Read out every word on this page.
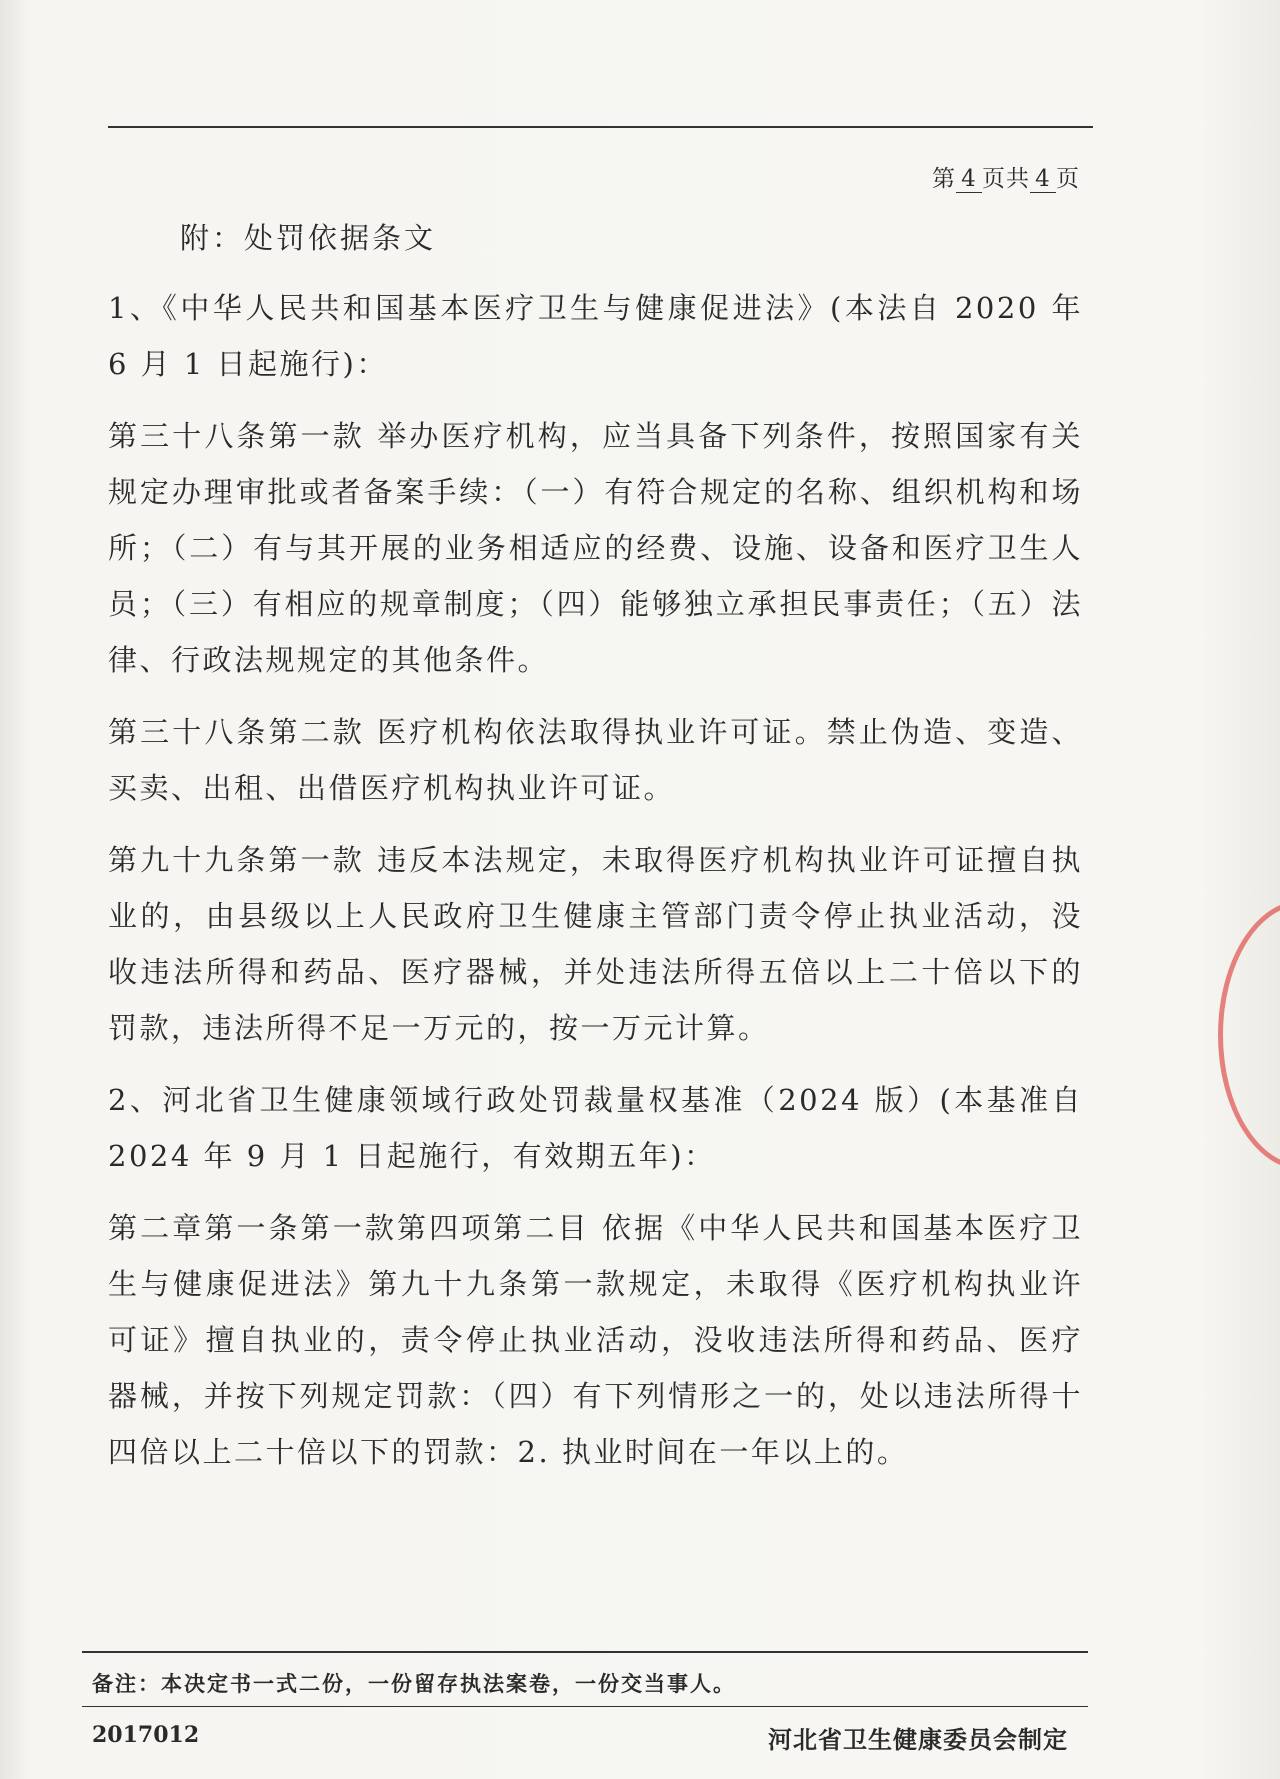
第 4 页共 4 页

附：处罚依据条文

1、《中华人民共和国基本医疗卫生与健康促进法》(本法自 2020 年 6 月 1 日起施行)：

第三十八条第一款 举办医疗机构，应当具备下列条件，按照国家有关规定办理审批或者备案手续：（一）有符合规定的名称、组织机构和场所；（二）有与其开展的业务相适应的经费、设施、设备和医疗卫生人员；（三）有相应的规章制度；（四）能够独立承担民事责任；（五）法律、行政法规规定的其他条件。

第三十八条第二款 医疗机构依法取得执业许可证。禁止伪造、变造、买卖、出租、出借医疗机构执业许可证。

第九十九条第一款 违反本法规定，未取得医疗机构执业许可证擅自执业的，由县级以上人民政府卫生健康主管部门责令停止执业活动，没收违法所得和药品、医疗器械，并处违法所得五倍以上二十倍以下的罚款，违法所得不足一万元的，按一万元计算。

2、河北省卫生健康领域行政处罚裁量权基准（2024 版）(本基准自 2024 年 9 月 1 日起施行，有效期五年)：

第二章第一条第一款第四项第二目 依据《中华人民共和国基本医疗卫生与健康促进法》第九十九条第一款规定，未取得《医疗机构执业许可证》擅自执业的，责令停止执业活动，没收违法所得和药品、医疗器械，并按下列规定罚款：（四）有下列情形之一的，处以违法所得十四倍以上二十倍以下的罚款：2. 执业时间在一年以上的。

备注：本决定书一式二份，一份留存执法案卷，一份交当事人。
2017012	河北省卫生健康委员会制定
